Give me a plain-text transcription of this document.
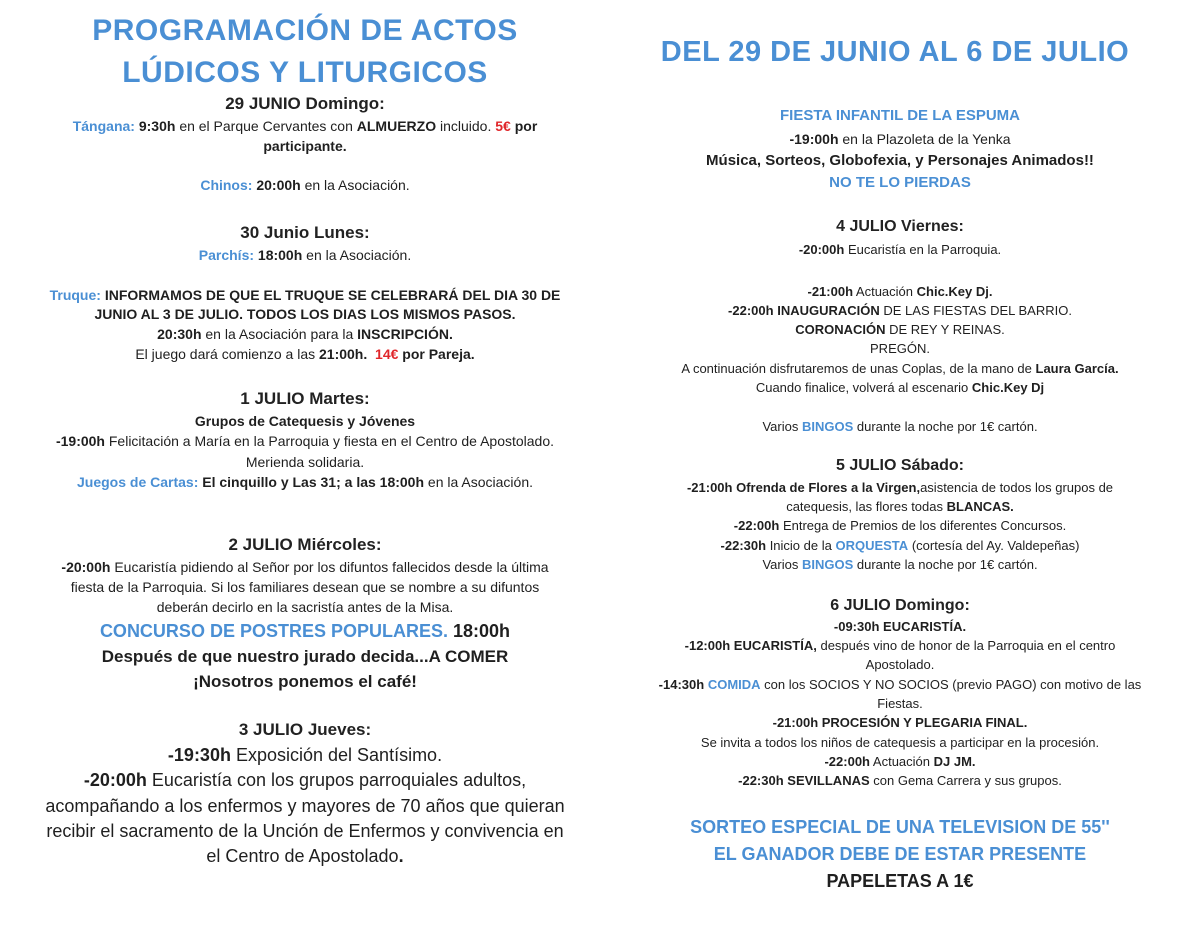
PROGRAMACIÓN DE ACTOS
LÚDICOS Y LITURGICOS
29 JUNIO Domingo:
Tángana: 9:30h en el Parque Cervantes con ALMUERZO incluido. 5€ por
participante.
Chinos: 20:00h en la Asociación.
30 Junio Lunes:
Parchís: 18:00h en la Asociación.
Truque: INFORMAMOS DE QUE EL TRUQUE SE CELEBRARÁ DEL DIA 30 DE
JUNIO AL 3 DE JULIO. TODOS LOS DIAS LOS MISMOS PASOS.
20:30h en la Asociación para la INSCRIPCIÓN.
El juego dará comienzo a las 21:00h. 14€ por Pareja.
1 JULIO Martes:
Grupos de Catequesis y Jóvenes
-19:00h Felicitación a María en la Parroquia y fiesta en el Centro de Apostolado.
Merienda solidaria.
Juegos de Cartas: El cinquillo y Las 31; a las 18:00h en la Asociación.
2 JULIO Miércoles:
-20:00h Eucaristía pidiendo al Señor por los difuntos fallecidos desde la última
fiesta de la Parroquia. Si los familiares desean que se nombre a su difuntos
deberán decirlo en la sacristía antes de la Misa.
CONCURSO DE POSTRES POPULARES. 18:00h
Después de que nuestro jurado decida...A COMER
¡Nosotros ponemos el café!
3 JULIO Jueves:
-19:30h Exposición del Santísimo.
-20:00h Eucaristía con los grupos parroquiales adultos,
acompañando a los enfermos y mayores de 70 años que quieran
recibir el sacramento de la Unción de Enfermos y convivencia en
el Centro de Apostolado.
DEL 29 DE JUNIO AL 6 DE JULIO
FIESTA INFANTIL DE LA ESPUMA
-19:00h en la Plazoleta de la Yenka
Música, Sorteos, Globofexia, y Personajes Animados!!
NO TE LO PIERDAS
4 JULIO Viernes:
-20:00h Eucaristía en la Parroquia.
-21:00h Actuación Chic.Key Dj.
-22:00h INAUGURACIÓN DE LAS FIESTAS DEL BARRIO.
CORONACIÓN DE REY Y REINAS.
PREGÓN.
A continuación disfrutaremos de unas Coplas, de la mano de Laura García.
Cuando finalice, volverá al escenario Chic.Key Dj
Varios BINGOS durante la noche por 1€ cartón.
5 JULIO Sábado:
-21:00h Ofrenda de Flores a la Virgen,asistencia de todos los grupos de
catequesis, las flores todas BLANCAS.
-22:00h Entrega de Premios de los diferentes Concursos.
-22:30h Inicio de la ORQUESTA (cortesía del Ay. Valdepeñas)
Varios BINGOS durante la noche por 1€ cartón.
6 JULIO Domingo:
-09:30h EUCARISTÍA.
-12:00h EUCARISTÍA, después vino de honor de la Parroquia en el centro
Apostolado.
-14:30h COMIDA con los SOCIOS Y NO SOCIOS (previo PAGO) con motivo de las
Fiestas.
-21:00h PROCESIÓN Y PLEGARIA FINAL.
Se invita a todos los niños de catequesis a participar en la procesión.
-22:00h Actuación DJ JM.
-22:30h SEVILLANAS con Gema Carrera y sus grupos.
SORTEO ESPECIAL DE UNA TELEVISION DE 55''
EL GANADOR DEBE DE ESTAR PRESENTE
PAPELETAS A 1€
